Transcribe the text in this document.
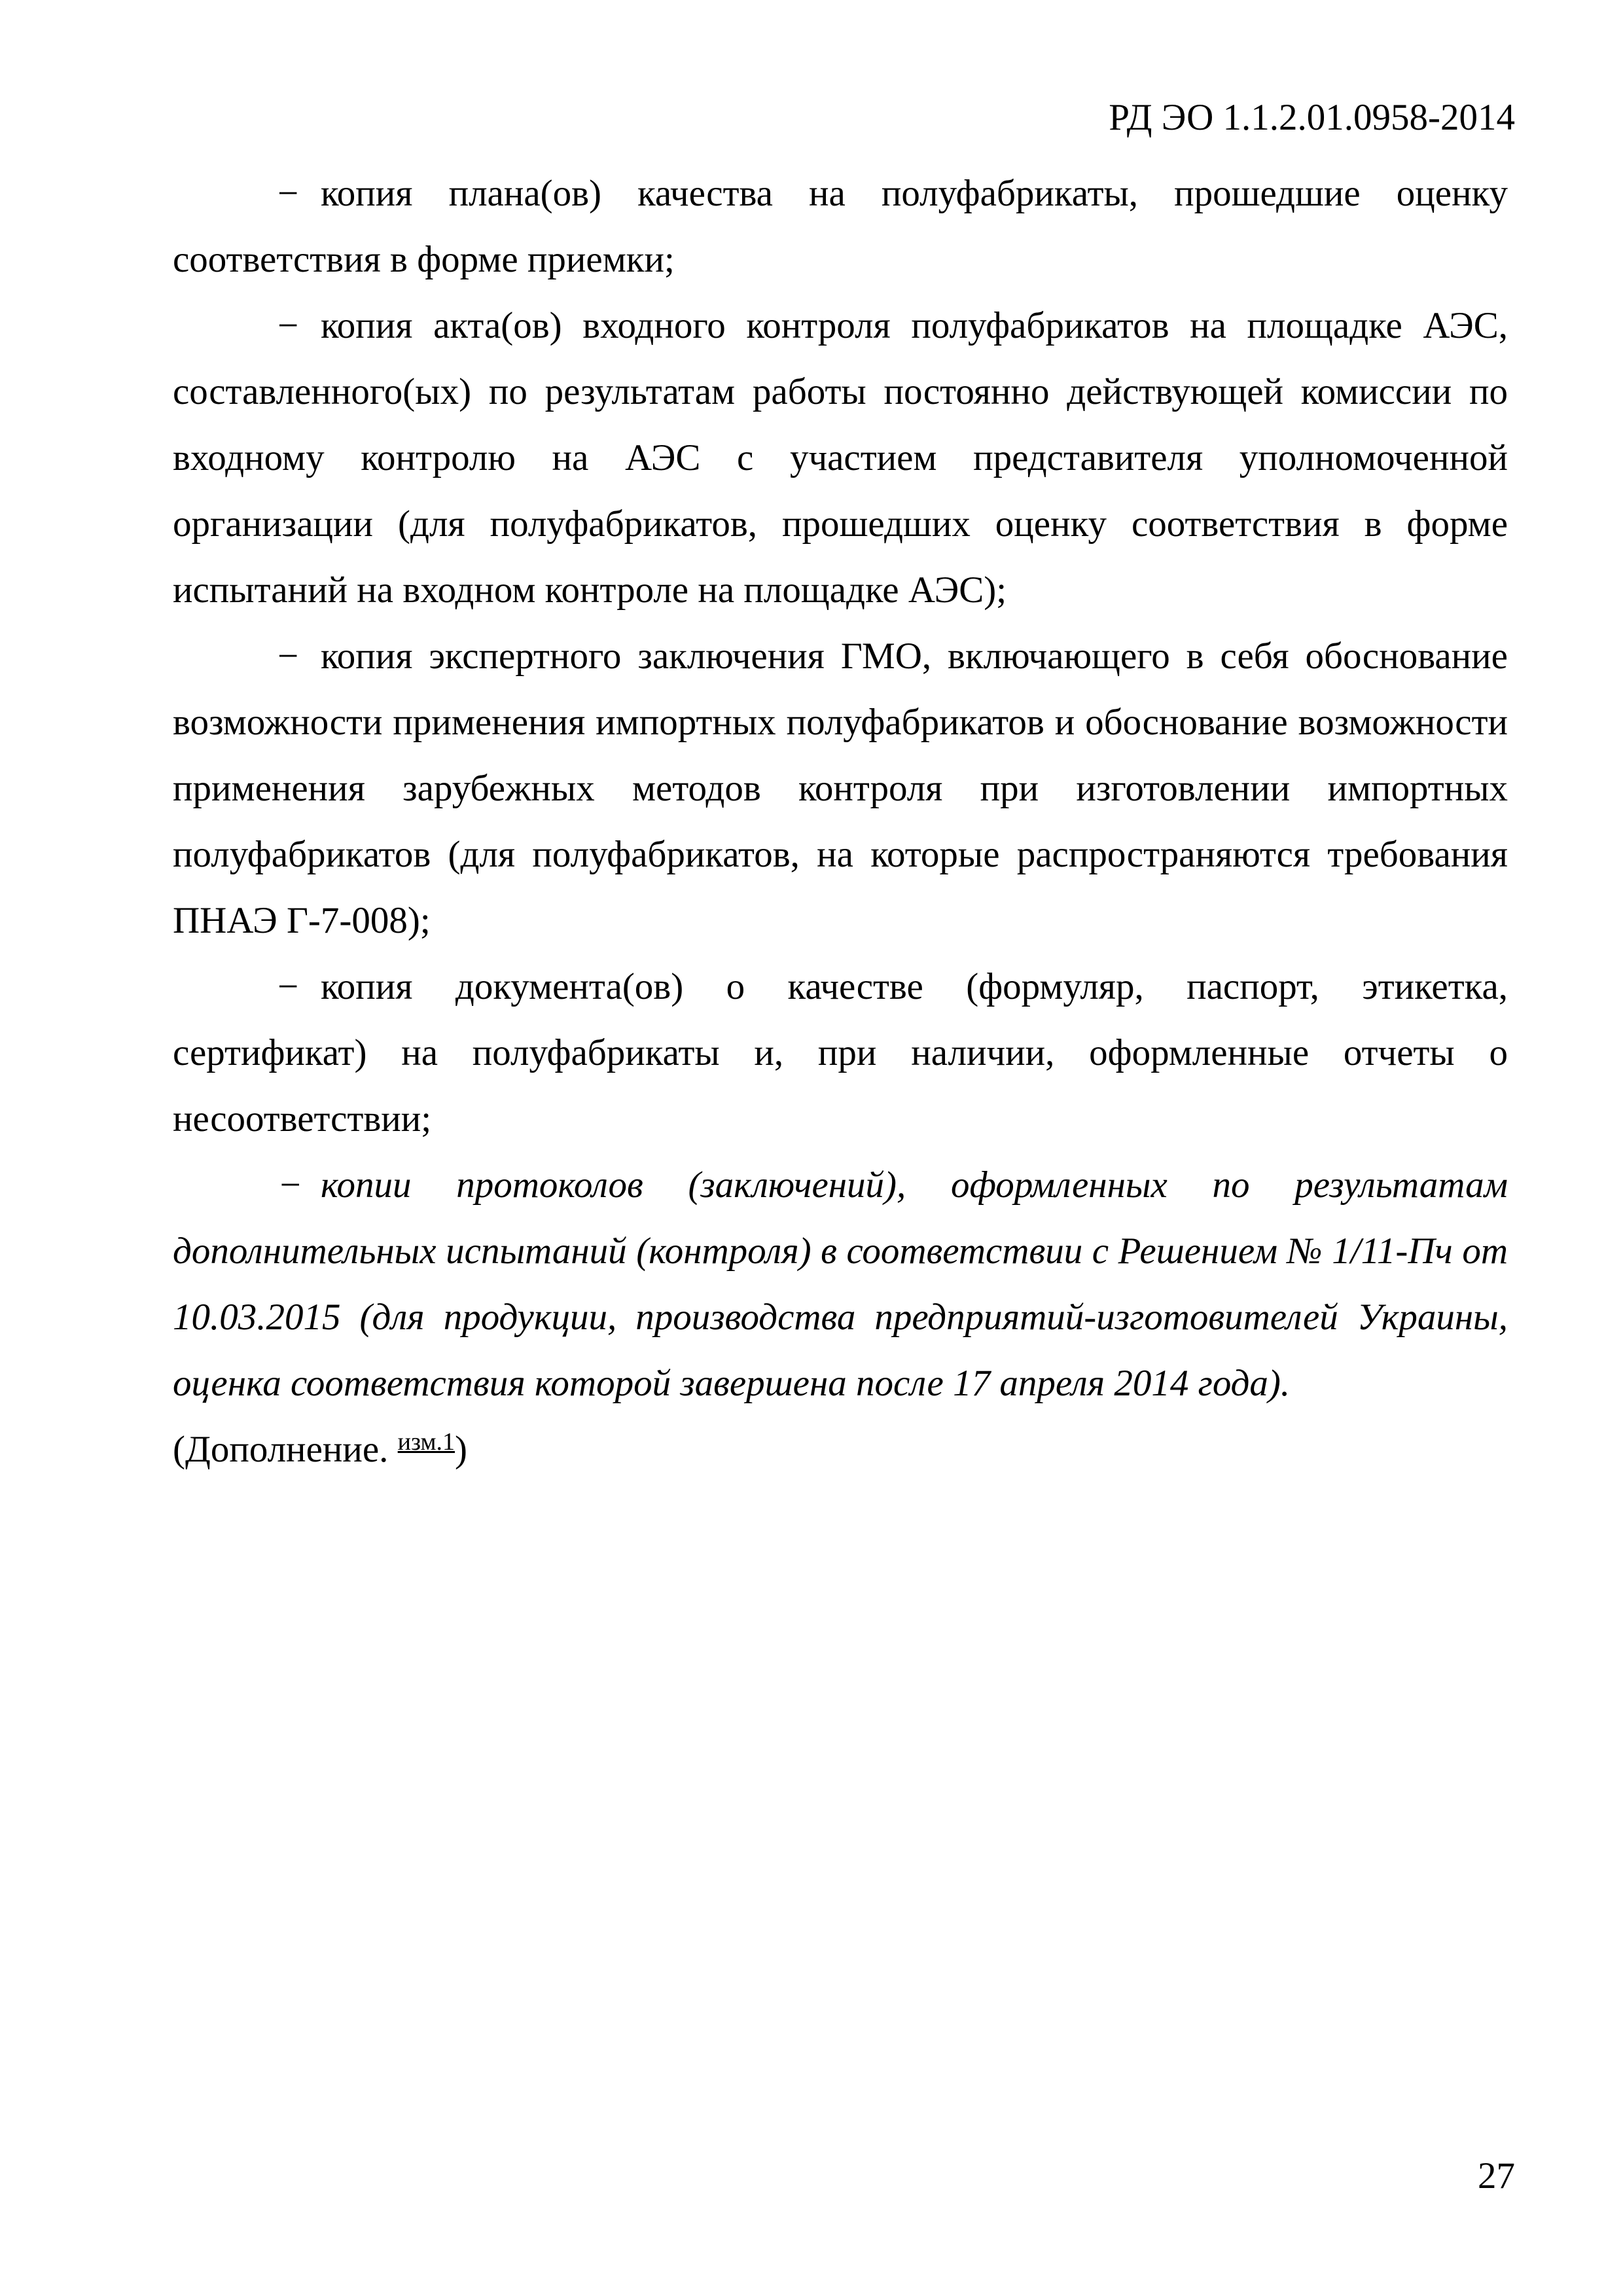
РД ЭО 1.1.2.01.0958-2014

− копия плана(ов) качества на полуфабрикаты, прошедшие оценку соответствия в форме приемки;

− копия акта(ов) входного контроля полуфабрикатов на площадке АЭС, составленного(ых) по результатам работы постоянно действующей комиссии по входному контролю на АЭС с участием представителя уполномоченной организации (для полуфабрикатов, прошедших оценку соответствия в форме испытаний на входном контроле на площадке АЭС);

− копия экспертного заключения ГМО, включающего в себя обоснование возможности применения импортных полуфабрикатов и обоснование возможности применения зарубежных методов контроля при изготовлении импортных полуфабрикатов (для полуфабрикатов, на которые распространяются требования ПНАЭ Г-7-008);

− копия документа(ов) о качестве (формуляр, паспорт, этикетка, сертификат) на полуфабрикаты и, при наличии, оформленные отчеты о несоответствии;

− копии протоколов (заключений), оформленных по результатам дополнительных испытаний (контроля) в соответствии с Решением № 1/11-Пч от 10.03.2015 (для продукции, производства предприятий-изготовителей Украины, оценка соответствия которой завершена после 17 апреля 2014 года).

(Дополнение. $^{изм.1}$)

27
